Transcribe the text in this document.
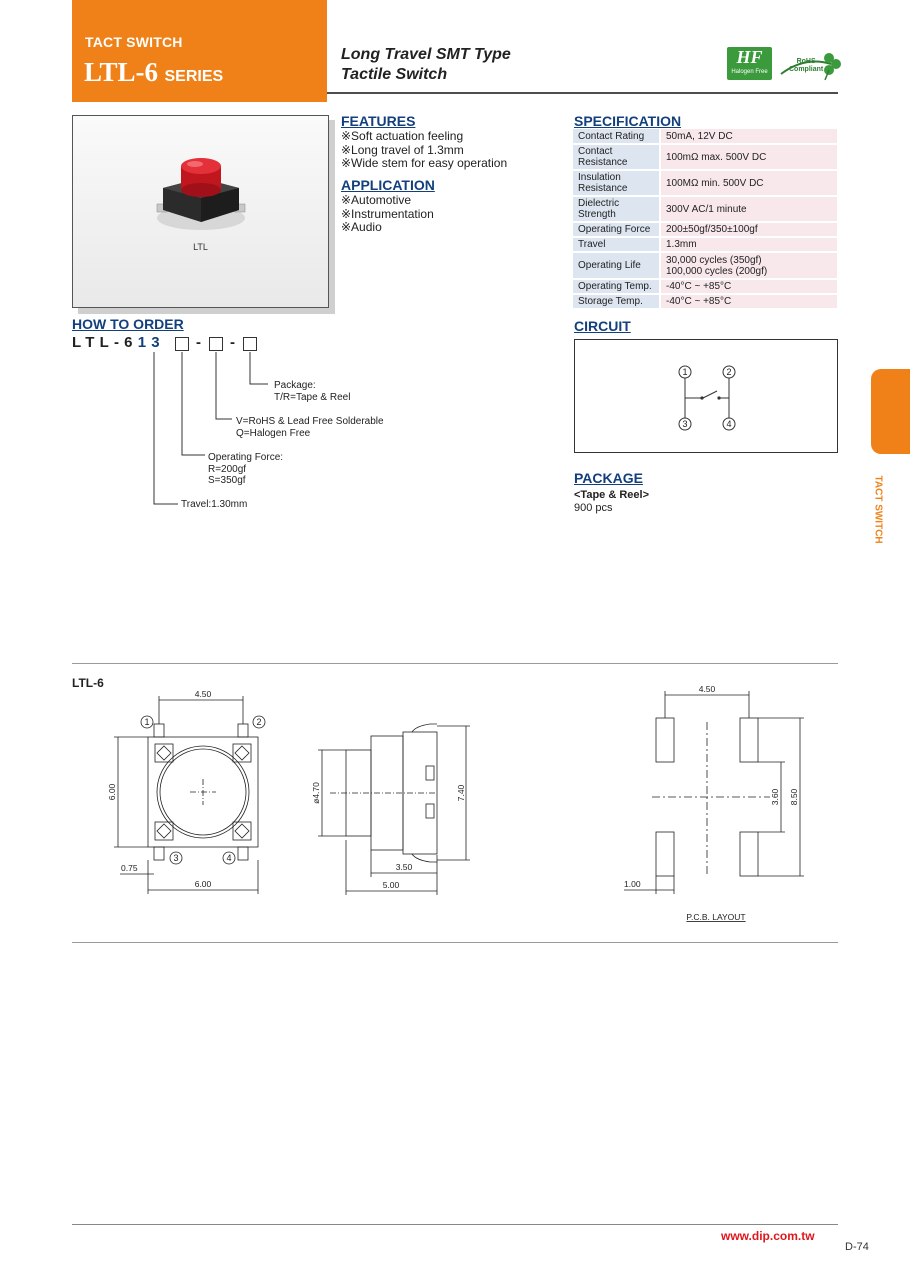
TACT SWITCH
LTL-6 SERIES
Long Travel SMT Type
Tactile Switch
HF
Halogen Free
RoHS
Compliant
LTL
FEATURES
※Soft actuation feeling
※Long travel of 1.3mm
※Wide stem for easy operation
APPLICATION
※Automotive
※Instrumentation
※Audio
SPECIFICATION
Contact Rating	50mA, 12V DC

Contact
Resistance	100mΩ max. 500V DC

Insulation
Resistance	100MΩ min. 500V DC

Dielectric
Strength	300V AC/1 minute

Operating Force	200±50gf/350±100gf

Travel	1.3mm

Operating Life	30,000 cycles (350gf)
100,000 cycles (200gf)

Operating Temp.	-40°C ~ +85°C

Storage Temp.	-40°C ~ +85°C
HOW TO ORDER
LTL-613 - -
Package:
T/R=Tape & Reel
V=RoHS & Lead Free Solderable
Q=Halogen Free
Operating Force:
R=200gf
S=350gf
Travel:1.30mm
CIRCUIT
1	2
3	4
PACKAGE
<Tape & Reel>
900 pcs	TACT SWITCH
LTL-6
1	2
3	4
4.50
6.00
0.75
6.00
ø4.70	7.40
3.50
5.00
4.50
3.60 8.50
1.00
P.C.B. LAYOUT
www.dip.com.tw
D-74
